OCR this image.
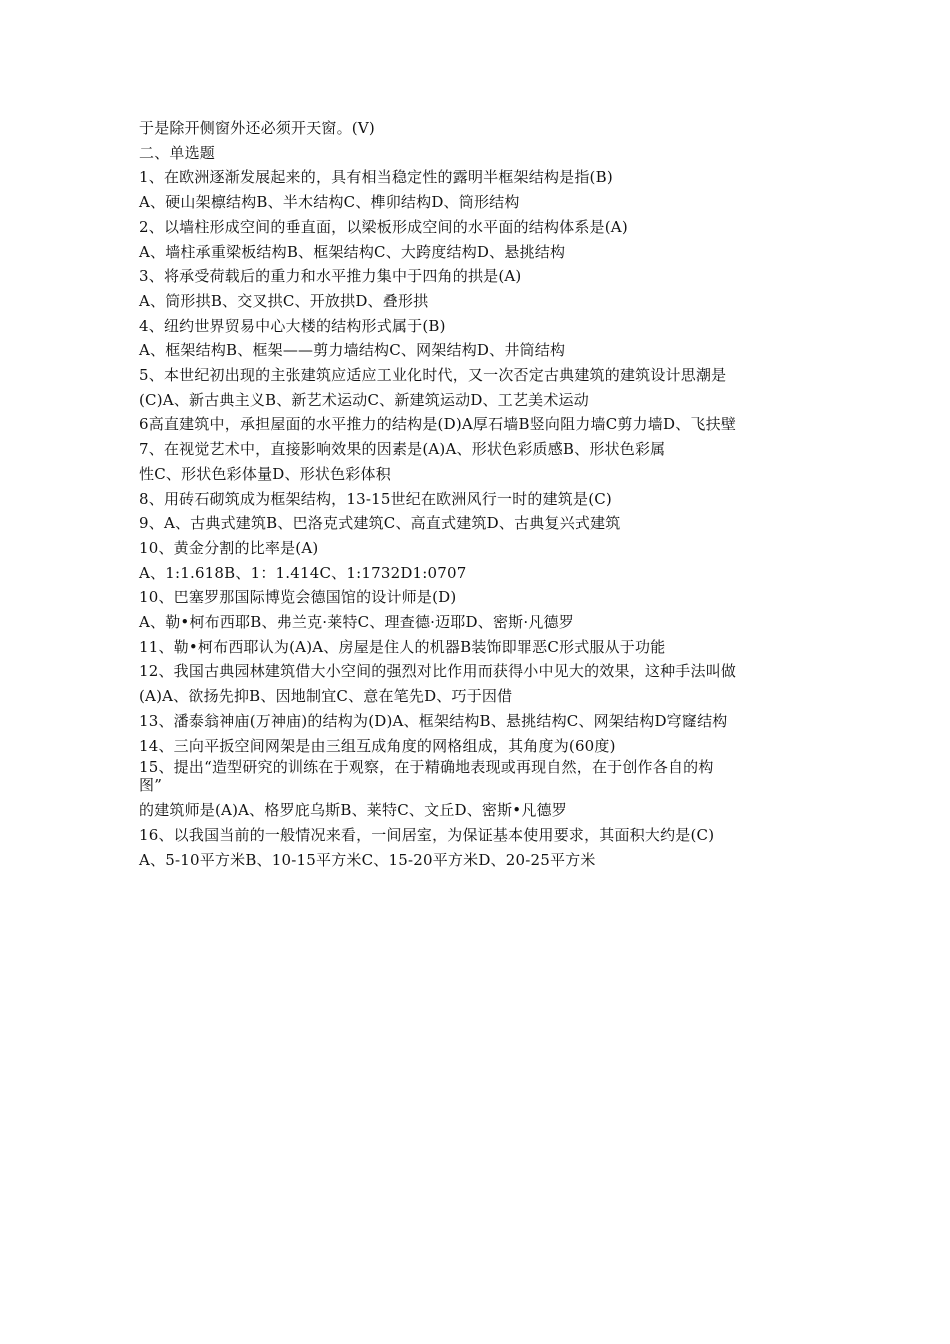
于是除开侧窗外还必须开天窗。(V)
二、单选题
1、在欧洲逐渐发展起来的，具有相当稳定性的露明半框架结构是指(B)
A、硬山架檩结构B、半木结构C、榫卯结构D、筒形结构
2、以墙柱形成空间的垂直面，以梁板形成空间的水平面的结构体系是(A)
A、墙柱承重梁板结构B、框架结构C、大跨度结构D、悬挑结构
3、将承受荷载后的重力和水平推力集中于四角的拱是(A)
A、筒形拱B、交叉拱C、开放拱D、叠形拱
4、纽约世界贸易中心大楼的结构形式属于(B)
A、框架结构B、框架——剪力墙结构C、网架结构D、井筒结构
5、本世纪初出现的主张建筑应适应工业化时代，又一次否定古典建筑的建筑设计思潮是
(C)A、新古典主义B、新艺术运动C、新建筑运动D、工艺美术运动
6高直建筑中，承担屋面的水平推力的结构是(D)A厚石墙B竖向阻力墙C剪力墙D、飞扶壁
7、在视觉艺术中，直接影响效果的因素是(A)A、形状色彩质感B、形状色彩属
性C、形状色彩体量D、形状色彩体积
8、用砖石砌筑成为框架结构，13-15世纪在欧洲风行一时的建筑是(C)
9、A、古典式建筑B、巴洛克式建筑C、高直式建筑D、古典复兴式建筑
10、黄金分割的比率是(A)
A、1:1.618B、1：1.414C、1:1732D1:0707
10、巴塞罗那国际博览会德国馆的设计师是(D)
A、勒•柯布西耶B、弗兰克·莱特C、理查德·迈耶D、密斯·凡德罗
11、勒•柯布西耶认为(A)A、房屋是住人的机器B装饰即罪恶C形式服从于功能
12、我国古典园林建筑借大小空间的强烈对比作用而获得小中见大的效果，这种手法叫做
(A)A、欲扬先抑B、因地制宜C、意在笔先D、巧于因借
13、潘泰翁神庙(万神庙)的结构为(D)A、框架结构B、悬挑结构C、网架结构D穹窿结构
14、三向平扳空间网架是由三组互成角度的网格组成，其角度为(60度)
15、提出“造型研究的训练在于观察，在于精确地表现或再现自然，在于创作各自的构
图”
的建筑师是(A)A、格罗庇乌斯B、莱特C、文丘D、密斯•凡德罗
16、以我国当前的一般情况来看，一间居室，为保证基本使用要求，其面积大约是(C)
A、5-10平方米B、10-15平方米C、15-20平方米D、20-25平方米
